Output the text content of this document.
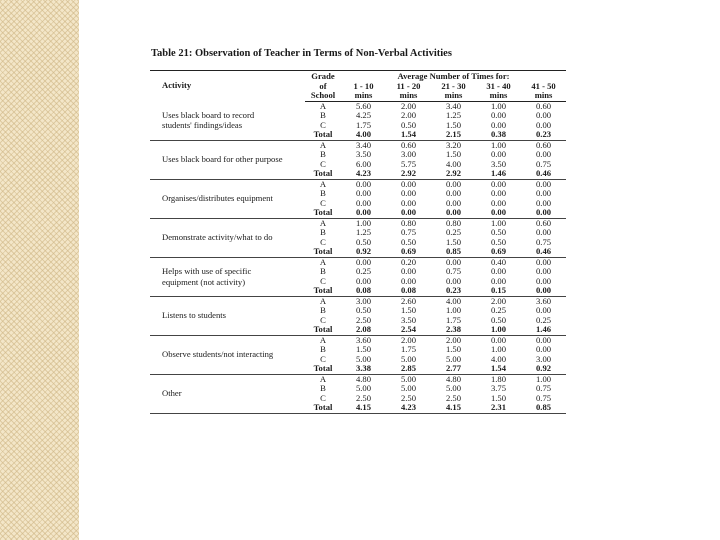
Table 21: Observation of Teacher in Terms of Non-Verbal Activities
Activity	Grade	Average Number of Times for:				
	of	1 - 10	11 - 20	21 - 30	31 - 40	41 - 50
	School	mins	mins	mins	mins	mins

Uses black board to record
students' findings/ideas	A	5.60	2.00	3.40	1.00	0.60
	B	4.25	2.00	1.25	0.00	0.00
	C	1.75	0.50	1.50	0.00	0.00
	Total	4.00	1.54	2.15	0.38	0.23

Uses black board for other purpose	A	3.40	0.60	3.20	1.00	0.60
	B	3.50	3.00	1.50	0.00	0.00
	C	6.00	5.75	4.00	3.50	0.75
	Total	4.23	2.92	2.92	1.46	0.46

Organises/distributes equipment	A	0.00	0.00	0.00	0.00	0.00
	B	0.00	0.00	0.00	0.00	0.00
	C	0.00	0.00	0.00	0.00	0.00
	Total	0.00	0.00	0.00	0.00	0.00

Demonstrate activity/what to do	A	1.00	0.80	0.80	1.00	0.60
	B	1.25	0.75	0.25	0.50	0.00
	C	0.50	0.50	1.50	0.50	0.75
	Total	0.92	0.69	0.85	0.69	0.46

Helps with use of specific
equipment (not activity)	A	0.00	0.20	0.00	0.40	0.00
	B	0.25	0.00	0.75	0.00	0.00
	C	0.00	0.00	0.00	0.00	0.00
	Total	0.08	0.08	0.23	0.15	0.00

Listens to students	A	3.00	2.60	4.00	2.00	3.60
	B	0.50	1.50	1.00	0.25	0.00
	C	2.50	3.50	1.75	0.50	0.25
	Total	2.08	2.54	2.38	1.00	1.46

Observe students/not interacting	A	3.60	2.00	2.00	0.00	0.00
	B	1.50	1.75	1.50	1.00	0.00
	C	5.00	5.00	5.00	4.00	3.00
	Total	3.38	2.85	2.77	1.54	0.92

Other	A	4.80	5.00	4.80	1.80	1.00
	B	5.00	5.00	5.00	3.75	0.75
	C	2.50	2.50	2.50	1.50	0.75
	Total	4.15	4.23	4.15	2.31	0.85
